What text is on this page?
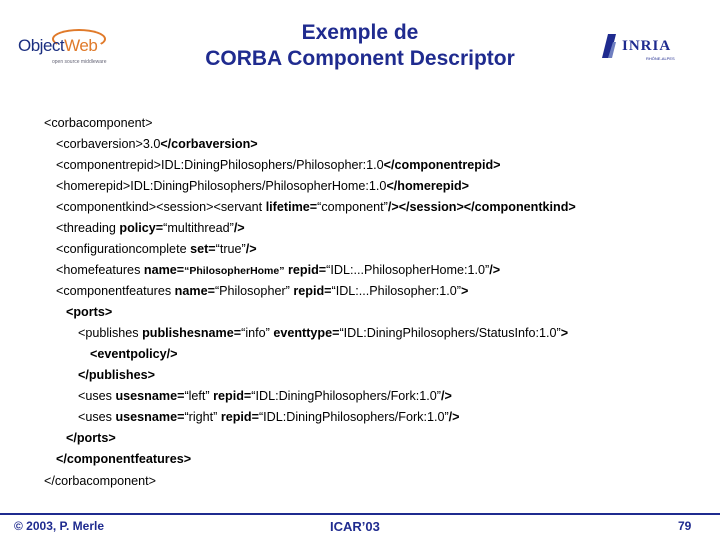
ObjectWeb
open source middleware
Exemple de
CORBA Component Descriptor
INRIA
RHÔNE-ALPES
<corbacomponent>
<corbaversion>3.0</corbaversion>
<componentrepid>IDL:DiningPhilosophers/Philosopher:1.0</componentrepid>
<homerepid>IDL:DiningPhilosophers/PhilosopherHome:1.0</homerepid>
<componentkind><session><servant lifetime=“component”/></session></componentkind>
<threading policy=“multithread”/>
<configurationcomplete set=“true”/>
<homefeatures name=“PhilosopherHome” repid=“IDL:...PhilosopherHome:1.0”/>
<componentfeatures name=“Philosopher” repid=“IDL:...Philosopher:1.0”>
<ports>
<publishes publishesname=“info” eventtype=“IDL:DiningPhilosophers/StatusInfo:1.0”>
<eventpolicy/>
</publishes>
<uses usesname=“left” repid=“IDL:DiningPhilosophers/Fork:1.0”/>
<uses usesname=“right” repid=“IDL:DiningPhilosophers/Fork:1.0”/>
</ports>
</componentfeatures>
</corbacomponent>
© 2003, P. Merle	ICAR’03	79
